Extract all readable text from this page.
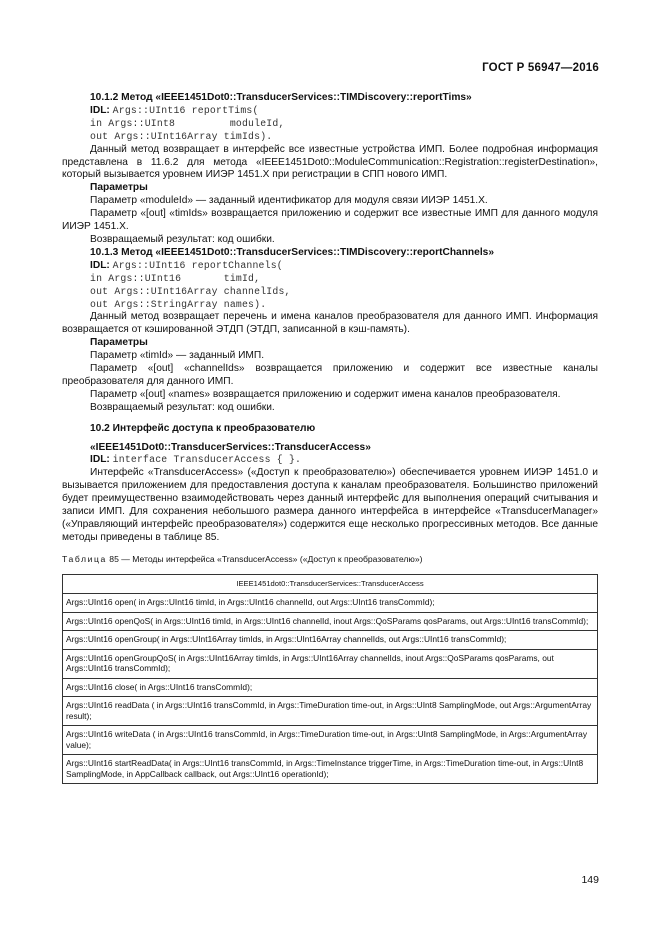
ГОСТ Р 56947—2016
10.1.2 Метод «IEEE1451Dot0::TransducerServices::TIMDiscovery::reportTims»
IDL: Args::UInt16 reportTims(
in Args::UInt8         moduleId,
out Args::UInt16Array timIds).
Данный метод возвращает в интерфейс все известные устройства ИМП. Более подробная информация представлена в 11.6.2 для метода «IEEE1451Dot0::ModuleCommunication::Registration::registerDestination», который вызывается уровнем ИИЭР 1451.X при регистрации в СПП нового ИМП.
Параметры
Параметр «moduleId» — заданный идентификатор для модуля связи ИИЭР 1451.X.
Параметр «[out] «timIds» возвращается приложению и содержит все известные ИМП для данного модуля ИИЭР 1451.X.
Возвращаемый результат: код ошибки.
10.1.3 Метод «IEEE1451Dot0::TransducerServices::TIMDiscovery::reportChannels»
IDL: Args::UInt16 reportChannels(
in Args::UInt16       timId,
out Args::UInt16Array channelIds,
out Args::StringArray names).
Данный метод возвращает перечень и имена каналов преобразователя для данного ИМП. Информация возвращается от кэшированной ЭТДП (ЭТДП, записанной в кэш-память).
Параметры
Параметр «timId» — заданный ИМП.
Параметр «[out] «channelIds» возвращается приложению и содержит все известные каналы преобразователя для данного ИМП.
Параметр «[out] «names» возвращается приложению и содержит имена каналов преобразователя.
Возвращаемый результат: код ошибки.
10.2 Интерфейс доступа к преобразователю
«IEEE1451Dot0::TransducerServices::TransducerAccess»
IDL: interface TransducerAccess { }.
Интерфейс «TransducerAccess» («Доступ к преобразователю») обеспечивается уровнем ИИЭР 1451.0 и вызывается приложением для предоставления доступа к каналам преобразователя. Большинство приложений будет преимущественно взаимодействовать через данный интерфейс для выполнения операций считывания и записи ИМП. Для сохранения небольшого размера данного интерфейса в интерфейсе «TransducerManager» («Управляющий интерфейс преобразователя») содержится еще несколько прогрессивных методов. Все данные методы приведены в таблице 85.
Таблица 85 — Методы интерфейса «TransducerAccess» («Доступ к преобразователю»)
IEEE1451dot0::TransducerServices::TransducerAccess
Args::UInt16 open( in Args::UInt16 timId, in Args::UInt16 channelId, out Args::UInt16 transCommId);
Args::UInt16 openQoS( in Args::UInt16 timId, in Args::UInt16 channelId, inout Args::QoSParams qosParams, out Args::UInt16 transCommId);
Args::UInt16 openGroup( in Args::UInt16Array timIds, in Args::UInt16Array channelIds, out Args::UInt16 transCommId);
Args::UInt16 openGroupQoS( in Args::UInt16Array timIds, in Args::UInt16Array channelIds, inout Args::QoSParams qosParams, out Args::UInt16 transCommId);
Args::UInt16 close( in Args::UInt16 transCommId);
Args::UInt16 readData ( in Args::UInt16 transCommId, in Args::TimeDuration time-out, in Args::UInt8 SamplingMode, out Args::ArgumentArray result);
Args::UInt16 writeData ( in Args::UInt16 transCommId, in Args::TimeDuration time-out, in Args::UInt8 SamplingMode, in Args::ArgumentArray value);
Args::UInt16 startReadData( in Args::UInt16 transCommId, in Args::TimeInstance triggerTime, in Args::TimeDuration time-out, in Args::UInt8 SamplingMode, in AppCallback callback, out Args::UInt16 operationId);
149
